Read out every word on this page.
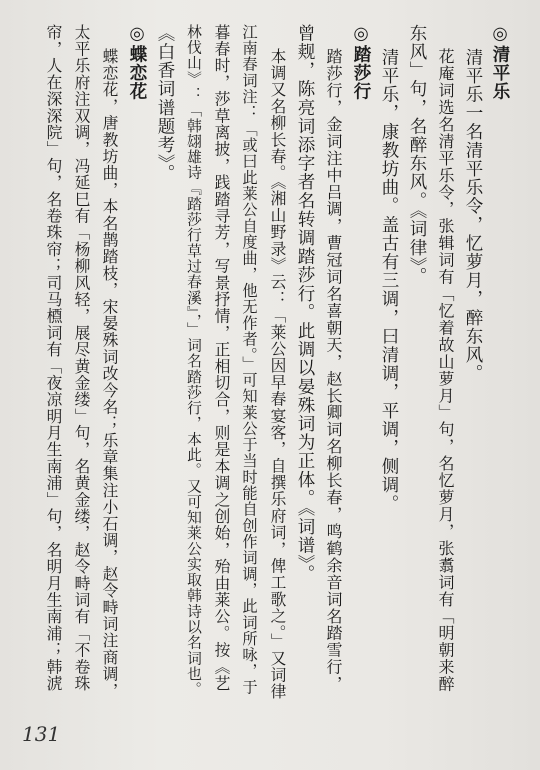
◎清平乐
清平乐一名清平乐令，忆萝月，醉东风。
花庵词选名清平乐令，张辑词有「忆着故山萝月」句，名忆萝月，张翥词有「明朝来醉
东风」句，名醉东风。《词律》。
清平乐，康教坊曲。盖古有三调，曰清调，平调，侧调。
◎踏莎行
踏莎行，金词注中吕调，曹冠词名喜朝天，赵长卿词名柳长春，鸣鹤余音词名踏雪行，
曾觌，陈亮词添字者名转调踏莎行。此调以晏殊词为正体。《词谱》。
本调又名柳长春。《湘山野录》云：「莱公因早春宴客，自撰乐府词，俾工歌之。」又词律
江南春词注：「或曰此莱公自度曲，他无作者。」可知莱公于当时能自创作词调，此词所咏，于
暮春时，莎草离披，践踏寻芳，写景抒情，正相切合，则是本调之创始，殆由莱公。按《艺
林伐山》：「韩翃雄诗『踏莎行草过春溪』，」词名踏莎行，本此。又可知莱公实取韩诗以名词也。
《白香词谱题考》。
◎蝶恋花
蝶恋花，唐教坊曲，本名鹊踏枝，宋晏殊词改今名；乐章集注小石调，赵令畤词注商调，
太平乐府注双调，冯延巳有「杨柳风轻，展尽黄金缕」句，名黄金缕，赵令畤词有「不卷珠
帘，人在深深院」句，名卷珠帘；司马槱词有「夜凉明月生南浦」句，名明月生南浦；韩淲
131
